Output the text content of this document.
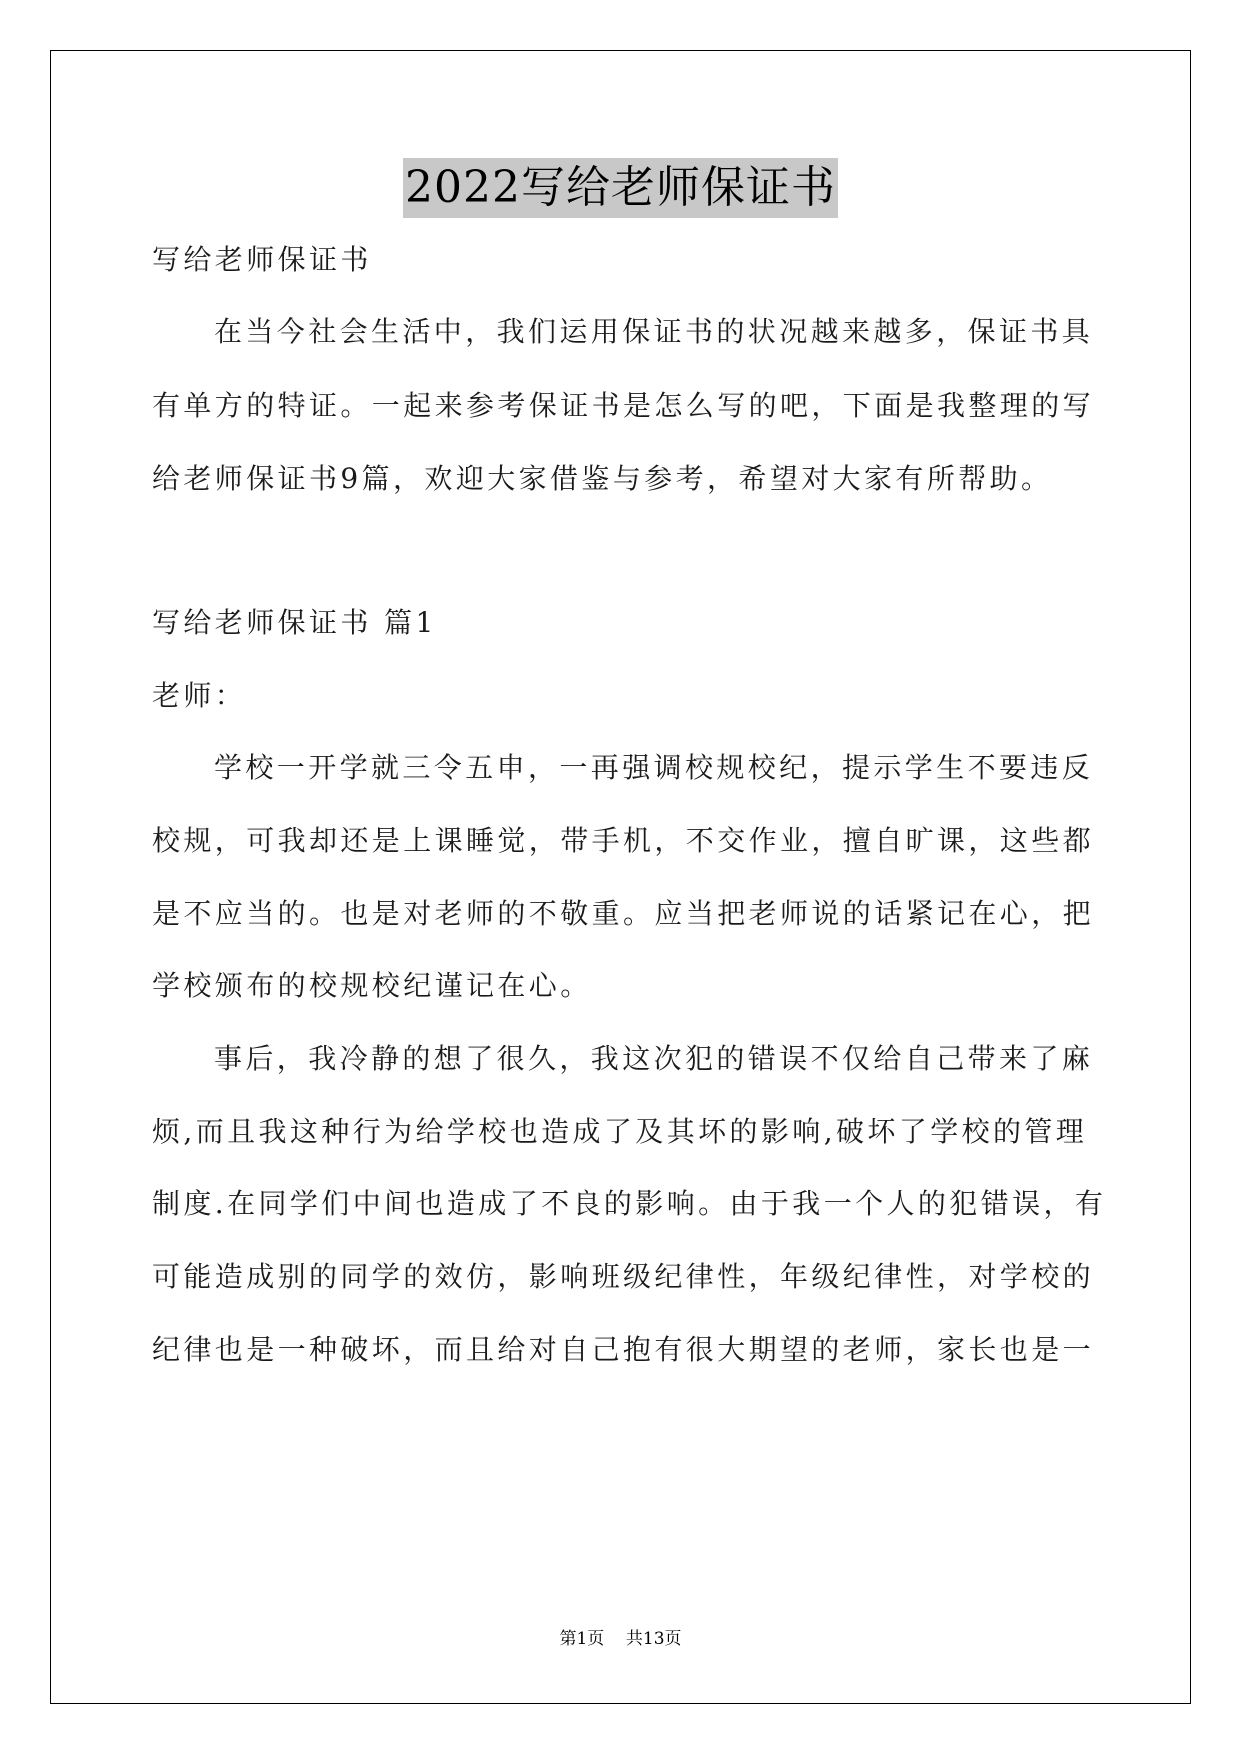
2022写给老师保证书
写给老师保证书
在当今社会生活中，我们运用保证书的状况越来越多，保证书具
有单方的特证。一起来参考保证书是怎么写的吧，下面是我整理的写
给老师保证书9篇，欢迎大家借鉴与参考，希望对大家有所帮助。
写给老师保证书 篇1
老师：
学校一开学就三令五申，一再强调校规校纪，提示学生不要违反
校规，可我却还是上课睡觉，带手机，不交作业，擅自旷课，这些都
是不应当的。也是对老师的不敬重。应当把老师说的话紧记在心，把
学校颁布的校规校纪谨记在心。
事后，我冷静的想了很久，我这次犯的错误不仅给自己带来了麻
烦,而且我这种行为给学校也造成了及其坏的影响,破坏了学校的管理
制度.在同学们中间也造成了不良的影响。由于我一个人的犯错误，有
可能造成别的同学的效仿，影响班级纪律性，年级纪律性，对学校的
纪律也是一种破坏，而且给对自己抱有很大期望的老师，家长也是一
第1页 共13页
